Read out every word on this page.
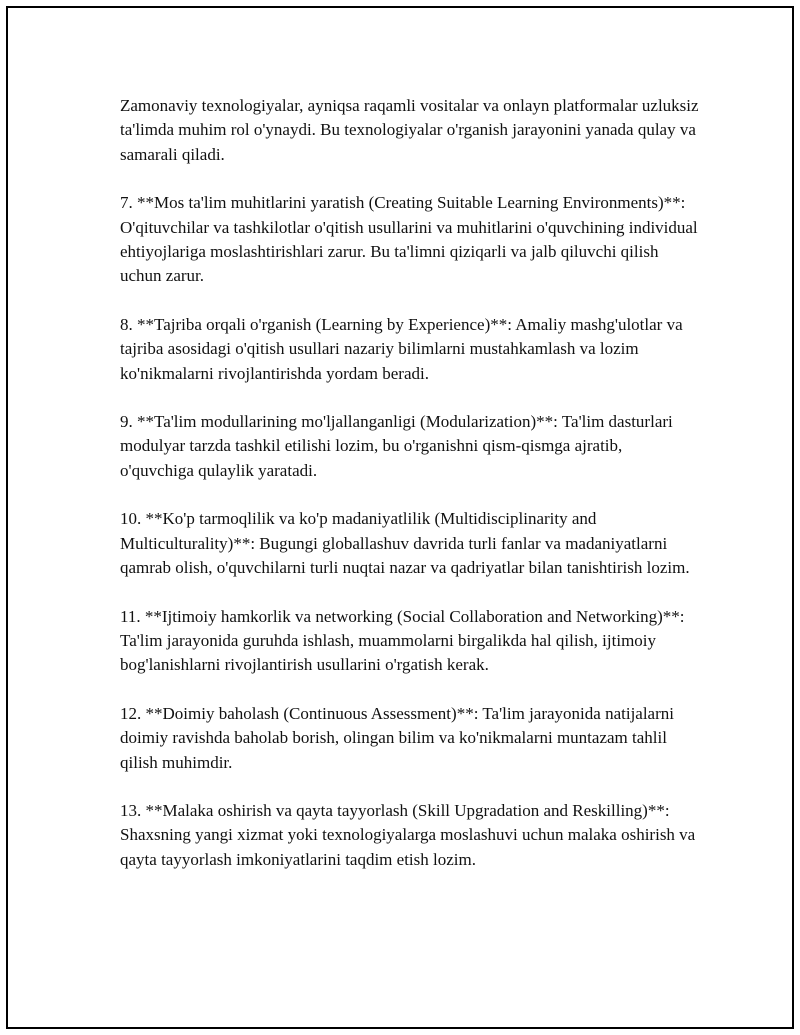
Zamonaviy texnologiyalar, ayniqsa raqamli vositalar va onlayn platformalar uzluksiz ta'limda muhim rol o'ynaydi. Bu texnologiyalar o'rganish jarayonini yanada qulay va samarali qiladi.

7. **Mos ta'lim muhitlarini yaratish (Creating Suitable Learning Environments)**: O'qituvchilar va tashkilotlar o'qitish usullarini va muhitlarini o'quvchining individual ehtiyojlariga moslashtirishlari zarur. Bu ta'limni qiziqarli va jalb qiluvchi qilish uchun zarur.

8. **Tajriba orqali o'rganish (Learning by Experience)**: Amaliy mashg'ulotlar va tajriba asosidagi o'qitish usullari nazariy bilimlarni mustahkamlash va lozim ko'nikmalarni rivojlantirishda yordam beradi.

9. **Ta'lim modullarining mo'ljallanganligi (Modularization)**: Ta'lim dasturlari modulyar tarzda tashkil etilishi lozim, bu o'rganishni qism-qismga ajratib, o'quvchiga qulaylik yaratadi.

10. **Ko'p tarmoqlilik va ko'p madaniyatlilik (Multidisciplinarity and Multiculturality)**: Bugungi globallashuv davrida turli fanlar va madaniyatlarni qamrab olish, o'quvchilarni turli nuqtai nazar va qadriyatlar bilan tanishtirish lozim.

11. **Ijtimoiy hamkorlik va networking (Social Collaboration and Networking)**: Ta'lim jarayonida guruhda ishlash, muammolarni birgalikda hal qilish, ijtimoiy bog'lanishlarni rivojlantirish usullarini o'rgatish kerak.

12. **Doimiy baholash (Continuous Assessment)**: Ta'lim jarayonida natijalarni doimiy ravishda baholab borish, olingan bilim va ko'nikmalarni muntazam tahlil qilish muhimdir.

13. **Malaka oshirish va qayta tayyorlash (Skill Upgradation and Reskilling)**: Shaxsning yangi xizmat yoki texnologiyalarga moslashuvi uchun malaka oshirish va qayta tayyorlash imkoniyatlarini taqdim etish lozim.
